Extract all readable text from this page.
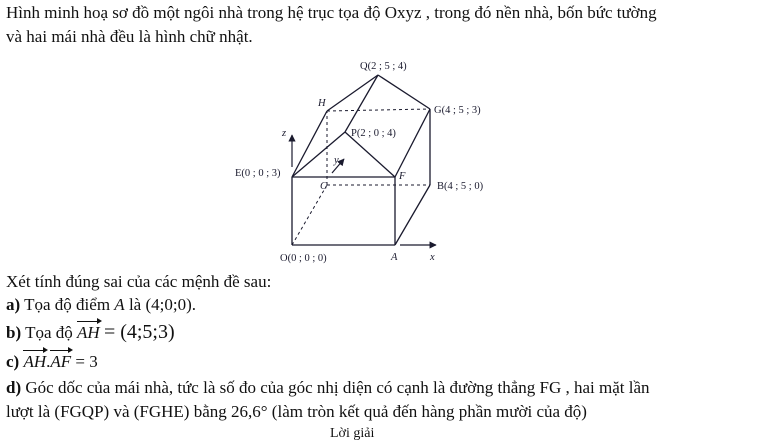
Hình minh hoạ sơ đồ một ngôi nhà trong hệ trục tọa độ Oxyz , trong đó nền nhà, bốn bức tường
và hai mái nhà đều là hình chữ nhật.
Q(2 ; 5 ; 4)
H
G(4 ; 5 ; 3)
z	P(2 ; 0 ; 4)
y
E(0 ; 0 ; 3)
C
F
B(4 ; 5 ; 0)
O(0 ; 0 ; 0)	A	x
Xét tính đúng sai của các mệnh đề sau:
a) Tọa độ điểm A là (4;0;0).
b) Tọa độ AH = (4;5;3)
c) AH.AF = 3
d) Góc dốc của mái nhà, tức là số đo của góc nhị diện có cạnh là đường thẳng FG , hai mặt lần
lượt là (FGQP) và (FGHE) bằng 26,6° (làm tròn kết quả đến hàng phần mười của độ)
Lời giải
